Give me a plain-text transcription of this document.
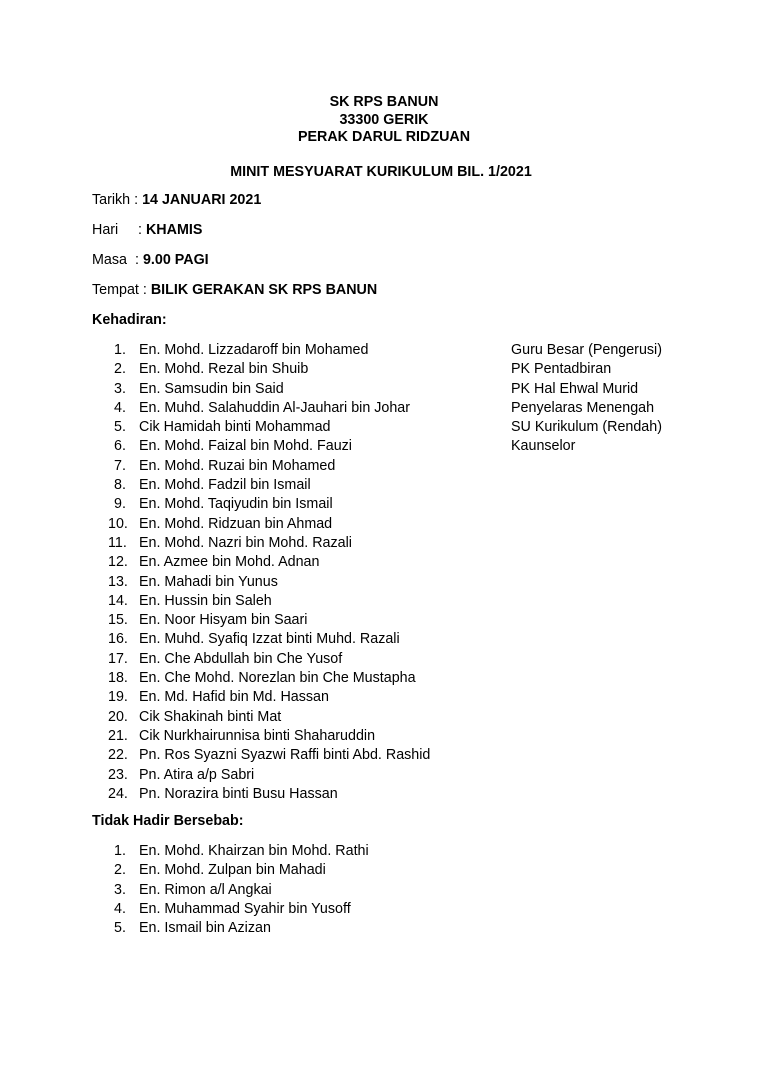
SK RPS BANUN
33300 GERIK
PERAK DARUL RIDZUAN
MINIT MESYUARAT KURIKULUM BIL. 1/2021
Tarikh : 14 JANUARI 2021
Hari : KHAMIS
Masa : 9.00 PAGI
Tempat : BILIK GERAKAN SK RPS BANUN
Kehadiran:
1. En. Mohd. Lizzadaroff bin Mohamed	Guru Besar (Pengerusi)
2. En. Mohd. Rezal bin Shuib	PK Pentadbiran
3. En. Samsudin bin Said	PK Hal Ehwal Murid
4. En. Muhd. Salahuddin Al-Jauhari bin Johar	Penyelaras Menengah
5. Cik Hamidah binti Mohammad	SU Kurikulum (Rendah)
6. En. Mohd. Faizal bin Mohd. Fauzi	Kaunselor
7. En. Mohd. Ruzai bin Mohamed
8. En. Mohd. Fadzil bin Ismail
9. En. Mohd. Taqiyudin bin Ismail
10. En. Mohd. Ridzuan bin Ahmad
11. En. Mohd. Nazri bin Mohd. Razali
12. En. Azmee bin Mohd. Adnan
13. En. Mahadi bin Yunus
14. En. Hussin bin Saleh
15. En. Noor Hisyam bin Saari
16. En. Muhd. Syafiq Izzat binti Muhd. Razali
17. En. Che Abdullah bin Che Yusof
18. En. Che Mohd. Norezlan bin Che Mustapha
19. En. Md. Hafid bin Md. Hassan
20. Cik Shakinah binti Mat
21. Cik Nurkhairunnisa binti Shaharuddin
22. Pn. Ros Syazni Syazwi Raffi binti Abd. Rashid
23. Pn. Atira a/p Sabri
24. Pn. Norazira binti Busu Hassan
Tidak Hadir Bersebab:
1. En. Mohd. Khairzan bin Mohd. Rathi
2. En. Mohd. Zulpan bin Mahadi
3. En. Rimon a/l Angkai
4. En. Muhammad Syahir bin Yusoff
5. En. Ismail bin Azizan
